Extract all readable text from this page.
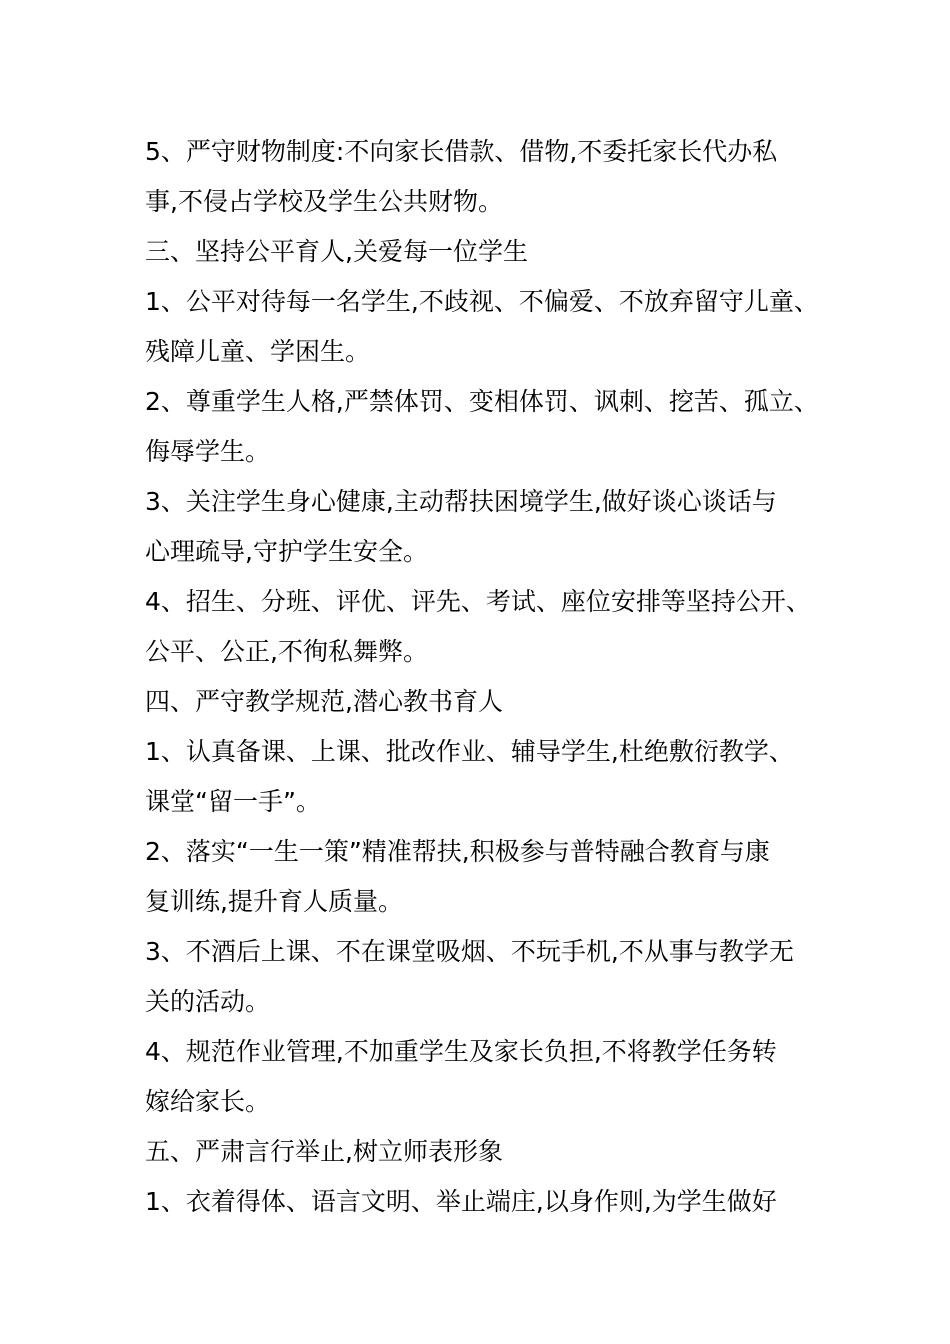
5、严守财物制度:不向家长借款、借物,不委托家长代办私
事,不侵占学校及学生公共财物。
三、坚持公平育人,关爱每一位学生
1、公平对待每一名学生,不歧视、不偏爱、不放弃留守儿童、
残障儿童、学困生。
2、尊重学生人格,严禁体罚、变相体罚、讽刺、挖苦、孤立、
侮辱学生。
3、关注学生身心健康,主动帮扶困境学生,做好谈心谈话与
心理疏导,守护学生安全。
4、招生、分班、评优、评先、考试、座位安排等坚持公开、
公平、公正,不徇私舞弊。
四、严守教学规范,潜心教书育人
1、认真备课、上课、批改作业、辅导学生,杜绝敷衍教学、
课堂“留一手”。
2、落实“一生一策”精准帮扶,积极参与普特融合教育与康
复训练,提升育人质量。
3、不酒后上课、不在课堂吸烟、不玩手机,不从事与教学无
关的活动。
4、规范作业管理,不加重学生及家长负担,不将教学任务转
嫁给家长。
五、严肃言行举止,树立师表形象
1、衣着得体、语言文明、举止端庄,以身作则,为学生做好
